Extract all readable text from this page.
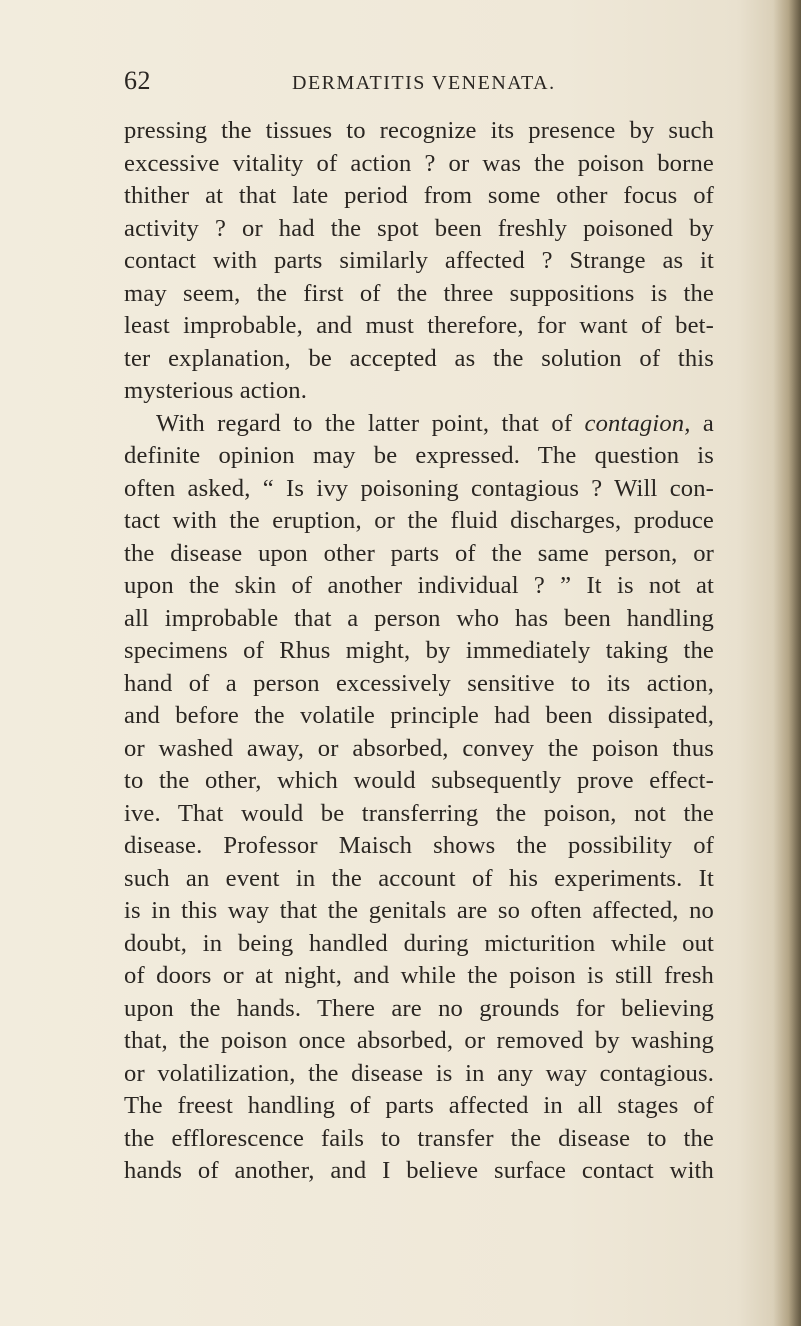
62	DERMATITIS VENENATA.
pressing the tissues to recognize its presence by such
excessive vitality of action ? or was the poison borne
thither at that late period from some other focus of
activity ? or had the spot been freshly poisoned by
contact with parts similarly affected ? Strange as it
may seem, the first of the three suppositions is the
least improbable, and must therefore, for want of bet-
ter explanation, be accepted as the solution of this
mysterious action.
With regard to the latter point, that of contagion, a
definite opinion may be expressed. The question is
often asked, “ Is ivy poisoning contagious ? Will con-
tact with the eruption, or the fluid discharges, produce
the disease upon other parts of the same person, or
upon the skin of another individual ? ” It is not at
all improbable that a person who has been handling
specimens of Rhus might, by immediately taking the
hand of a person excessively sensitive to its action,
and before the volatile principle had been dissipated,
or washed away, or absorbed, convey the poison thus
to the other, which would subsequently prove effect-
ive. That would be transferring the poison, not the
disease. Professor Maisch shows the possibility of
such an event in the account of his experiments. It
is in this way that the genitals are so often affected, no
doubt, in being handled during micturition while out
of doors or at night, and while the poison is still fresh
upon the hands. There are no grounds for believing
that, the poison once absorbed, or removed by washing
or volatilization, the disease is in any way contagious.
The freest handling of parts affected in all stages of
the efflorescence fails to transfer the disease to the
hands of another, and I believe surface contact with
